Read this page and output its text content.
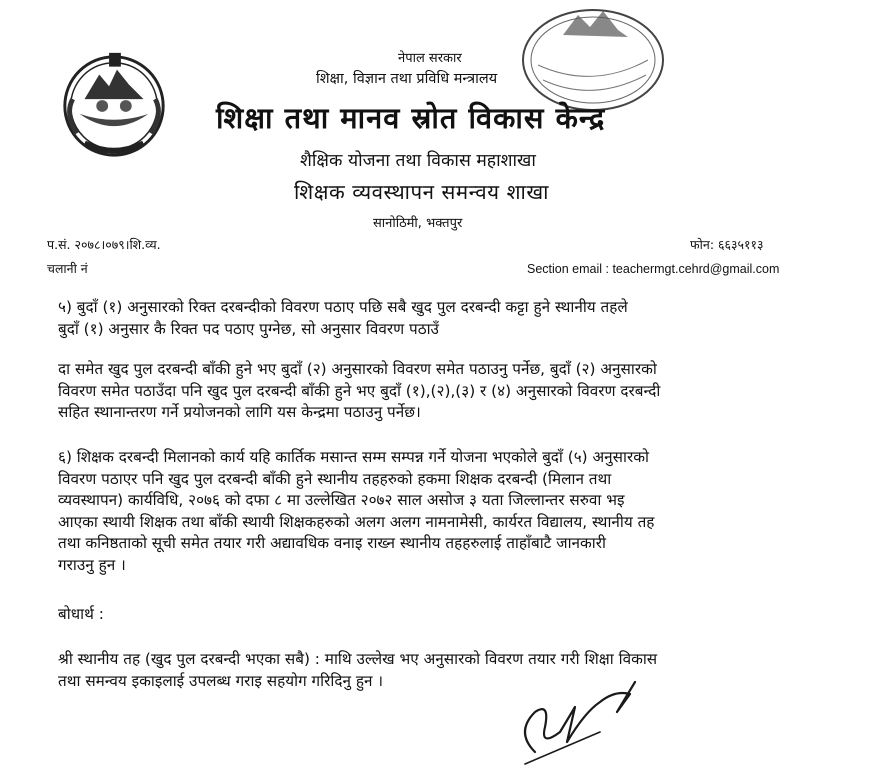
नेपाल सरकार
शिक्षा, विज्ञान तथा प्रविधि मन्त्रालय
शिक्षा तथा मानव स्रोत विकास केन्द्र
शैक्षिक योजना तथा विकास महाशाखा
शिक्षक व्यवस्थापन समन्वय शाखा
सानोठिमी, भक्तपुर
प.सं. २०७८।०७९।शि.व्य.	फोन: ६६३५११३
चलानी नं	Section email : teachermgt.cehrd@gmail.com
५) बुदाँ (१) अनुसारको रिक्त दरबन्दीको विवरण पठाए पछि सबै खुद पुल दरबन्दी कट्टा हुने स्थानीय तहले
बुदाँ (१) अनुसार कै रिक्त पद पठाए पुग्नेछ, सो अनुसार विवरण पठाउँ
दा समेत खुद पुल दरबन्दी बाँकी हुने भए बुदाँ (२) अनुसारको विवरण समेत पठाउनु पर्नेछ, बुदाँ (२) अनुसारको
विवरण समेत पठाउँदा पनि खुद पुल दरबन्दी बाँकी हुने भए बुदाँ (१),(२),(३) र (४) अनुसारको विवरण दरबन्दी
सहित स्थानान्तरण गर्ने प्रयोजनको लागि यस केन्द्रमा पठाउनु पर्नेछ।
६) शिक्षक दरबन्दी मिलानको कार्य यहि कार्तिक मसान्त सम्म सम्पन्न गर्ने योजना भएकोले बुदाँ (५) अनुसारको
विवरण पठाएर पनि खुद पुल दरबन्दी बाँकी हुने स्थानीय तहहरुको हकमा शिक्षक दरबन्दी (मिलान तथा
व्यवस्थापन) कार्यविधि, २०७६ को दफा ८ मा उल्लेखित २०७२ साल असोज ३ यता जिल्लान्तर सरुवा भइ
आएका स्थायी शिक्षक तथा बाँकी स्थायी शिक्षकहरुको अलग अलग नामनामेसी, कार्यरत विद्यालय, स्थानीय तह
तथा कनिष्ठताको सूची समेत तयार गरी अद्यावधिक वनाइ राख्न स्थानीय तहहरुलाई ताहाँबाटै जानकारी
गराउनु हुन ।
बोधार्थ :
श्री स्थानीय तह (खुद पुल दरबन्दी भएका सबै) : माथि उल्लेख भए अनुसारको विवरण तयार गरी शिक्षा विकास
तथा समन्वय इकाइलाई उपलब्ध गराइ सहयोग गरिदिनु हुन ।
